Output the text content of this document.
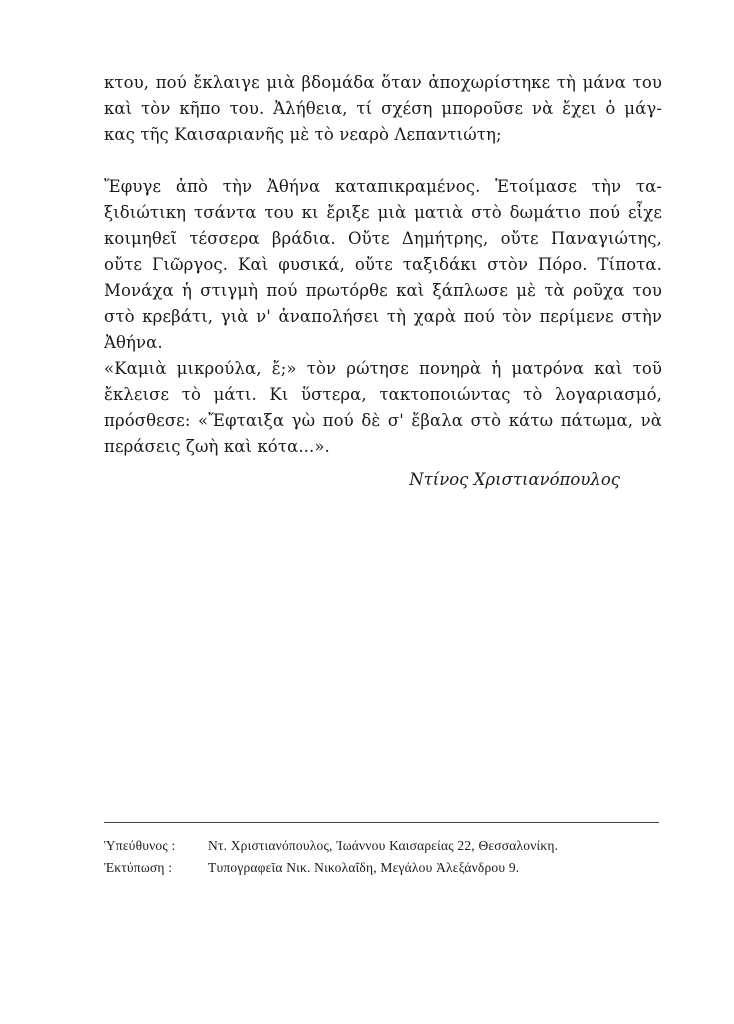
κτου, πού ἔκλαιγε μιὰ βδομάδα ὅταν ἀποχωρίστηκε τὴ μάνα του
καὶ τὸν κῆπο του. Ἀλήθεια, τί σχέση μποροῦσε νὰ ἔχει ὁ μάγ-
κας τῆς Καισαριανῆς μὲ τὸ νεαρὸ Λεπαντιώτη;

Ἔφυγε ἀπὸ τὴν Ἀθήνα καταπικραμένος. Ἑτοίμασε τὴν τα-
ξιδιώτικη τσάντα του κι ἔριξε μιὰ ματιὰ στὸ δωμάτιο πού εἶχε
κοιμηθεῖ τέσσερα βράδια. Οὔτε Δημήτρης, οὔτε Παναγιώτης,
οὔτε Γιῶργος. Καὶ φυσικά, οὔτε ταξιδάκι στὸν Πόρο. Τίποτα.
Μονάχα ἡ στιγμὴ πού πρωτόρθε καὶ ξάπλωσε μὲ τὰ ροῦχα του
στὸ κρεβάτι, γιὰ ν' ἀναπολήσει τὴ χαρὰ πού τὸν περίμενε στὴν
Ἀθήνα.

«Καμιὰ μικρούλα, ἔ;» τὸν ρώτησε πονηρὰ ἡ ματρόνα καὶ τοῦ
ἔκλεισε τὸ μάτι. Κι ὕστερα, τακτοποιώντας τὸ λογαριασμό,
πρόσθεσε: «Ἔφταιξα γὼ πού δὲ σ' ἔβαλα στὸ κάτω πάτωμα, νὰ
περάσεις ζωὴ καὶ κότα...».

Ντίνος Χριστιανόπουλος
Ὑπεύθυνος : Ντ. Χριστιανόπουλος, Ἰωάννου Καισαρείας 22, Θεσσαλονίκη.
Ἐκτύπωση :	Τυπογραφεῖα Νικ. Νικολαΐδη, Μεγάλου Ἀλεξάνδρου 9.
